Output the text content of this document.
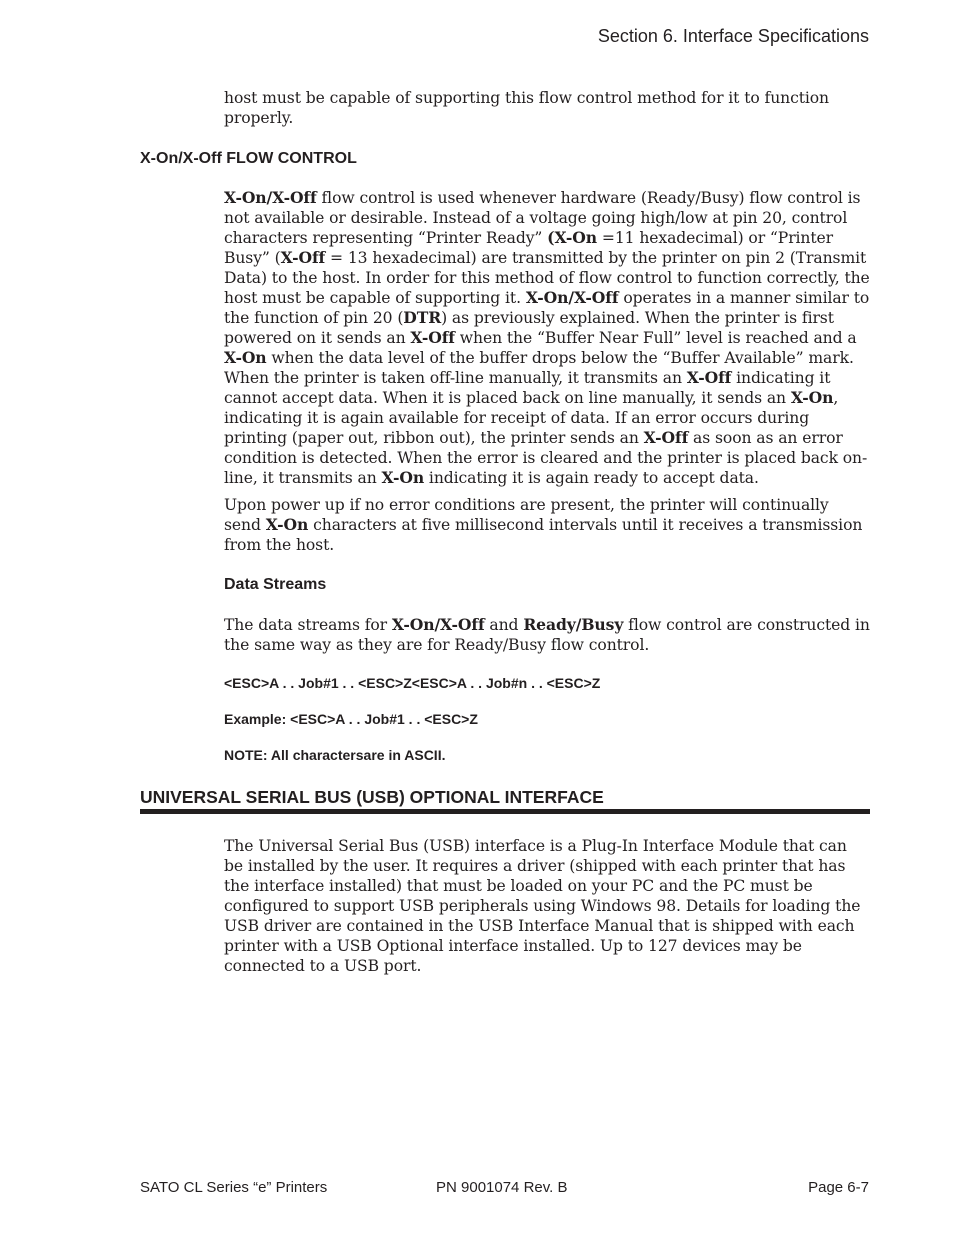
Section 6. Interface Specifications
host must be capable of supporting this flow control method for it to function
properly.
X-On/X-Off FLOW CONTROL

X-On/X-Off flow control is used whenever hardware (Ready/Busy) flow control is not available or desirable. Instead of a voltage going high/low at pin 20, control characters representing “Printer Ready” (X-On =11 hexadecimal) or “Printer Busy” (X-Off = 13 hexadecimal) are transmitted by the printer on pin 2 (Transmit Data) to the host. In order for this method of flow control to function correctly, the host must be capable of supporting it. X-On/X-Off operates in a manner similar to the function of pin 20 (DTR) as previously explained. When the printer is first powered on it sends an X-Off when the “Buffer Near Full” level is reached and a X-On when the data level of the buffer drops below the “Buffer Available” mark. When the printer is taken off-line manually, it transmits an X-Off indicating it cannot accept data. When it is placed back on line manually, it sends an X-On, indicating it is again available for receipt of data. If an error occurs during printing (paper out, ribbon out), the printer sends an X-Off as soon as an error condition is detected. When the error is cleared and the printer is placed back on-line, it transmits an X-On indicating it is again ready to accept data.

Upon power up if no error conditions are present, the printer will continually send X-On characters at five millisecond intervals until it receives a transmission from the host.

Data Streams

The data streams for X-On/X-Off and Ready/Busy flow control are constructed in the same way as they are for Ready/Busy flow control.

<ESC>A . . Job#1 . . <ESC>Z<ESC>A . . Job#n . . <ESC>Z
Example: <ESC>A . . Job#1 . . <ESC>Z
NOTE: All charactersare in ASCII.
UNIVERSAL SERIAL BUS (USB) OPTIONAL INTERFACE

The Universal Serial Bus (USB) interface is a Plug-In Interface Module that can be installed by the user. It requires a driver (shipped with each printer that has the interface installed) that must be loaded on your PC and the PC must be configured to support USB peripherals using Windows 98. Details for loading the USB driver are contained in the USB Interface Manual that is shipped with each printer with a USB Optional interface installed. Up to 127 devices may be connected to a USB port.

SATO CL Series “e” Printers	PN 9001074 Rev. B	Page 6-7
